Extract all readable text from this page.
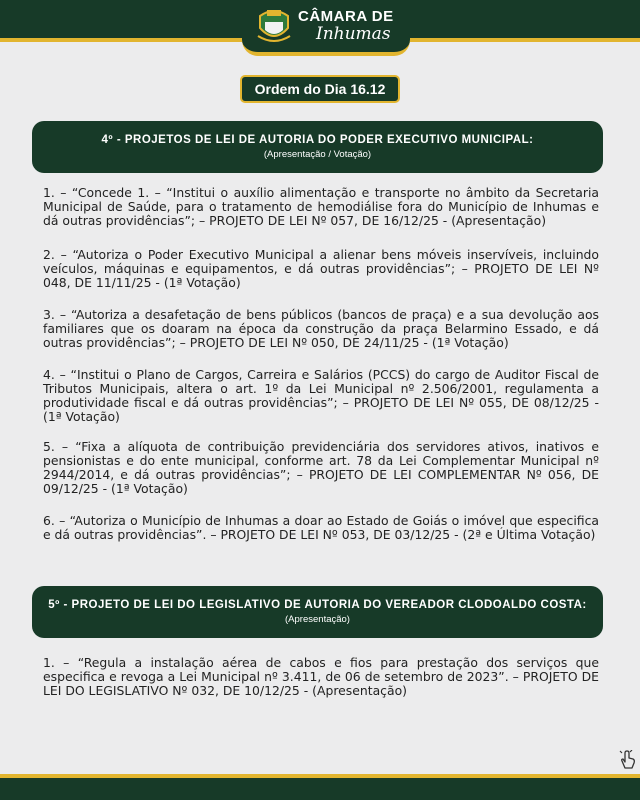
CÂMARA DE
Inhumas
Ordem do Dia 16.12
4º - PROJETOS DE LEI DE AUTORIA DO PODER EXECUTIVO MUNICIPAL:
(Apresentação / Votação)
1. – “Concede 1. – “Institui o auxílio alimentação e transporte no âmbito da Secretaria Municipal de Saúde, para o tratamento de hemodiálise fora do Município de Inhumas e dá outras providências”; – PROJETO DE LEI Nº 057, DE 16/12/25 - (Apresentação)
2. – “Autoriza o Poder Executivo Municipal a alienar bens móveis inservíveis, incluindo veículos, máquinas e equipamentos, e dá outras providências”; – PROJETO DE LEI Nº 048, DE 11/11/25 - (1ª Votação)
3. – “Autoriza a desafetação de bens públicos (bancos de praça) e a sua devolução aos familiares que os doaram na época da construção da praça Belarmino Essado, e dá outras providências”; – PROJETO DE LEI Nº 050, DE 24/11/25 - (1ª Votação)
4. – “Institui o Plano de Cargos, Carreira e Salários (PCCS) do cargo de Auditor Fiscal de Tributos Municipais, altera o art. 1º da Lei Municipal nº 2.506/2001, regulamenta a produtividade fiscal e dá outras providências”; – PROJETO DE LEI Nº 055, DE 08/12/25 - (1ª Votação)
5. – “Fixa a alíquota de contribuição previdenciária dos servidores ativos, inativos e pensionistas e do ente municipal, conforme art. 78 da Lei Complementar Municipal nº 2944/2014, e dá outras providências”; – PROJETO DE LEI COMPLEMENTAR Nº 056, DE 09/12/25 - (1ª Votação)
6. – “Autoriza o Município de Inhumas a doar ao Estado de Goiás o imóvel que especifica e dá outras providências”. – PROJETO DE LEI Nº 053, DE 03/12/25 - (2ª e Última Votação)
5º - PROJETO DE LEI DO LEGISLATIVO DE AUTORIA DO VEREADOR CLODOALDO COSTA:
(Apresentação)
1. – “Regula a instalação aérea de cabos e fios para prestação dos serviços que especifica e revoga a Lei Municipal nº 3.411, de 06 de setembro de 2023”. – PROJETO DE LEI DO LEGISLATIVO Nº 032, DE 10/12/25 - (Apresentação)
